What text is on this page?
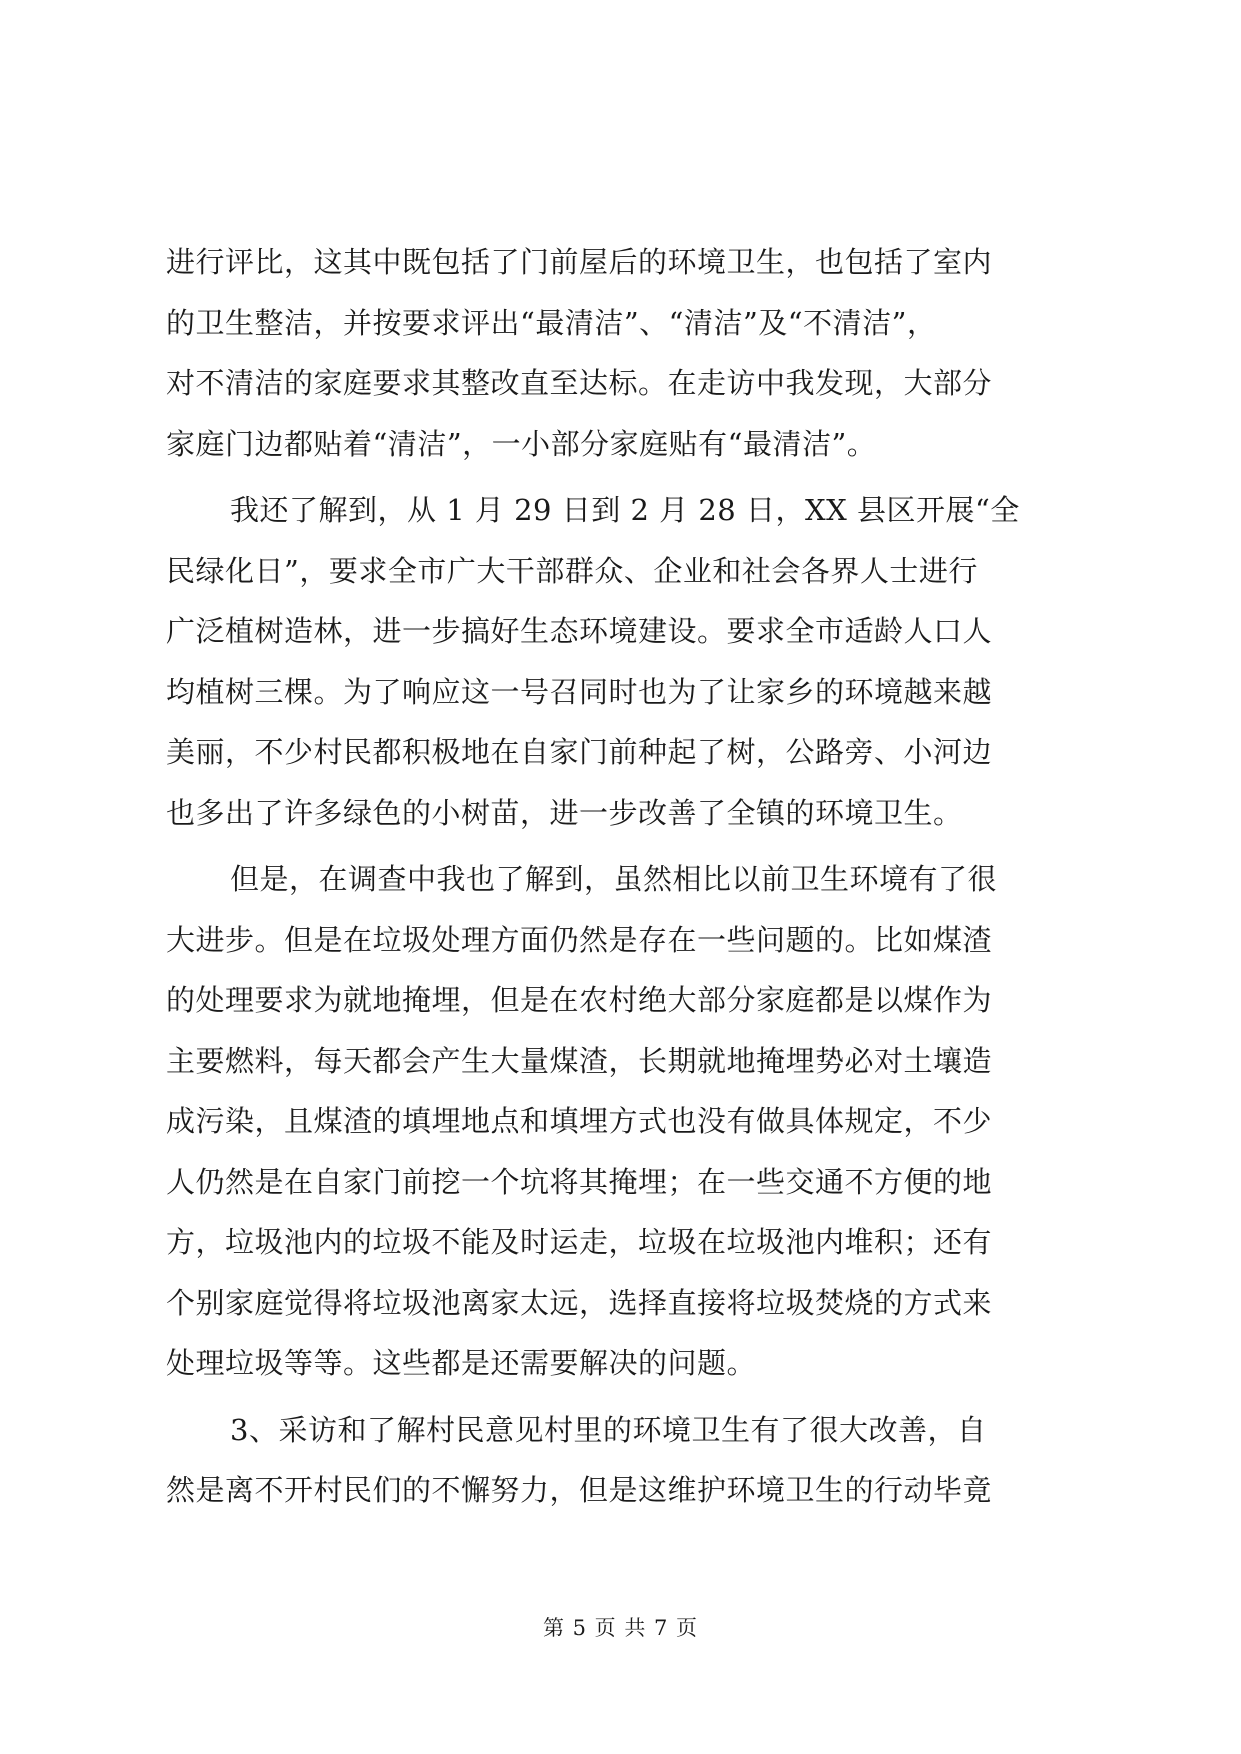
进行评比，这其中既包括了门前屋后的环境卫生，也包括了室内
的卫生整洁，并按要求评出“最清洁”、“清洁”及“不清洁”，
对不清洁的家庭要求其整改直至达标。在走访中我发现，大部分
家庭门边都贴着“清洁”，一小部分家庭贴有“最清洁”。
我还了解到，从 1 月 29 日到 2 月 28 日，XX 县区开展“全
民绿化日”，要求全市广大干部群众、企业和社会各界人士进行
广泛植树造林，进一步搞好生态环境建设。要求全市适龄人口人
均植树三棵。为了响应这一号召同时也为了让家乡的环境越来越
美丽，不少村民都积极地在自家门前种起了树，公路旁、小河边
也多出了许多绿色的小树苗，进一步改善了全镇的环境卫生。
但是，在调查中我也了解到，虽然相比以前卫生环境有了很
大进步。但是在垃圾处理方面仍然是存在一些问题的。比如煤渣
的处理要求为就地掩埋，但是在农村绝大部分家庭都是以煤作为
主要燃料，每天都会产生大量煤渣，长期就地掩埋势必对土壤造
成污染，且煤渣的填埋地点和填埋方式也没有做具体规定，不少
人仍然是在自家门前挖一个坑将其掩埋；在一些交通不方便的地
方，垃圾池内的垃圾不能及时运走，垃圾在垃圾池内堆积；还有
个别家庭觉得将垃圾池离家太远，选择直接将垃圾焚烧的方式来
处理垃圾等等。这些都是还需要解决的问题。
3、采访和了解村民意见村里的环境卫生有了很大改善，自
然是离不开村民们的不懈努力，但是这维护环境卫生的行动毕竟
第 5 页 共 7 页
